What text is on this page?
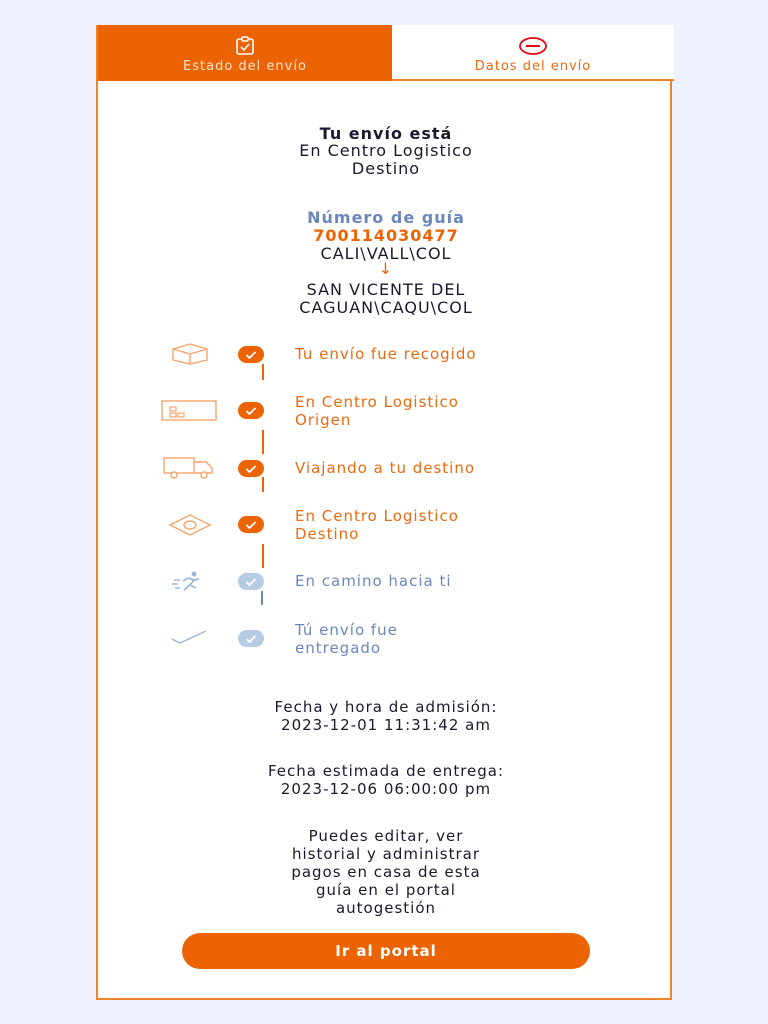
Estado del envío	Datos del envío
Tu envío está
En Centro Logistico
Destino
Número de guía
700114030477
CALI\VALL\COL
↓
SAN VICENTE DEL
CAGUAN\CAQU\COL
Tu envío fue recogido
En Centro Logistico
Origen
Viajando a tu destino
En Centro Logistico
Destino
En camino hacia ti
Tú envío fue
entregado
Fecha y hora de admisión:
2023-12-01 11:31:42 am
Fecha estimada de entrega:
2023-12-06 06:00:00 pm
Puedes editar, ver
historial y administrar
pagos en casa de esta
guía en el portal
autogestión
Ir al portal
